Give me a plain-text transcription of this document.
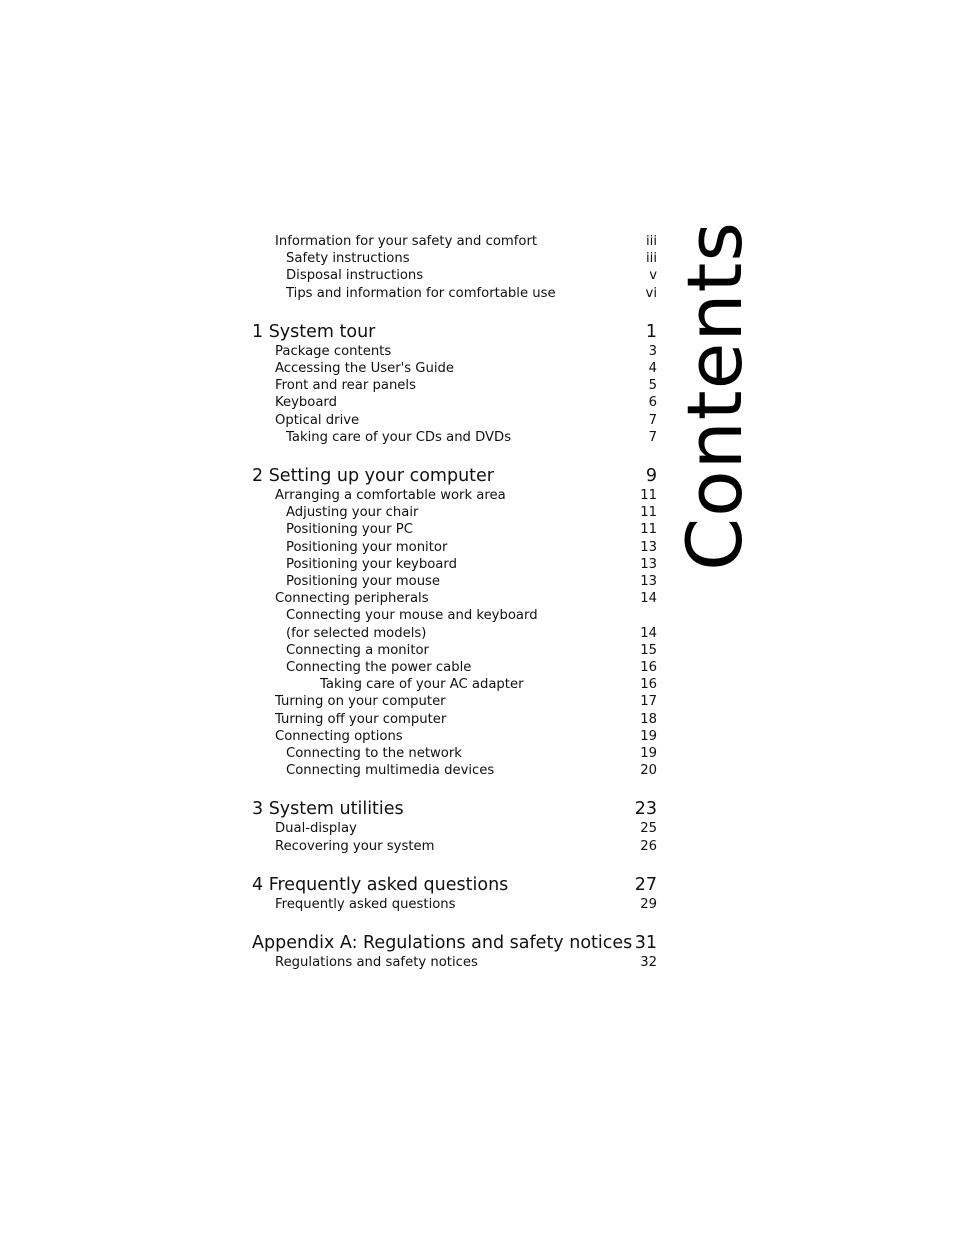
Contents
Information for your safety and comfort	iii
Safety instructions	iii
Disposal instructions	v
Tips and information for comfortable use	vi
1 System tour	1
Package contents	3
Accessing the User's Guide	4
Front and rear panels	5
Keyboard	6
Optical drive	7
Taking care of your CDs and DVDs	7
2 Setting up your computer	9
Arranging a comfortable work area	11
Adjusting your chair	11
Positioning your PC	11
Positioning your monitor	13
Positioning your keyboard	13
Positioning your mouse	13
Connecting peripherals	14
Connecting your mouse and keyboard
(for selected models)	14
Connecting a monitor	15
Connecting the power cable	16
Taking care of your AC adapter	16
Turning on your computer	17
Turning off your computer	18
Connecting options	19
Connecting to the network	19
Connecting multimedia devices	20
3 System utilities	23
Dual-display	25
Recovering your system	26
4 Frequently asked questions	27
Frequently asked questions	29
Appendix A: Regulations and safety notices 31
Regulations and safety notices	32
